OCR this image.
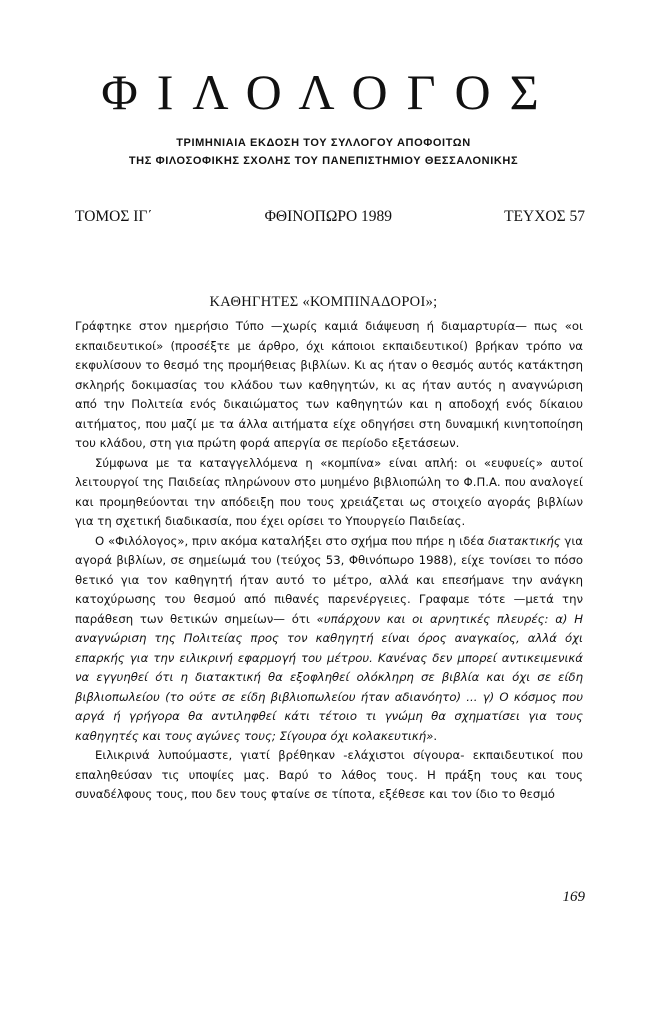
ΦΙΛΟΛΟΓΟΣ
ΤΡΙΜΗΝΙΑΙΑ ΕΚΔΟΣΗ ΤΟΥ ΣΥΛΛΟΓΟΥ ΑΠΟΦΟΙΤΩΝ
ΤΗΣ ΦΙΛΟΣΟΦΙΚΗΣ ΣΧΟΛΗΣ ΤΟΥ ΠΑΝΕΠΙΣΤΗΜΙΟΥ ΘΕΣΣΑΛΟΝΙΚΗΣ
ΤΟΜΟΣ ΙΓ΄	ΦΘΙΝΟΠΩΡΟ 1989	ΤΕΥΧΟΣ 57
ΚΑΘΗΓΗΤΕΣ «ΚΟΜΠΙΝΑΔΟΡΟΙ»;

Γράφτηκε στον ημερήσιο Τύπο —χωρίς καμιά διάψευση ή διαμαρτυρία— πως «οι εκπαιδευτικοί» (προσέξτε με άρθρο, όχι κάποιοι εκπαιδευτικοί) βρήκαν τρόπο να εκφυλίσουν το θεσμό της προμήθειας βιβλίων. Κι ας ήταν ο θεσμός αυτός κατάκτηση σκληρής δοκιμασίας του κλάδου των καθηγητών, κι ας ήταν αυτός η αναγνώριση από την Πολιτεία ενός δικαιώματος των καθηγητών και η αποδοχή ενός δίκαιου αιτήματος, που μαζί με τα άλλα αιτήματα είχε οδηγήσει στη δυναμική κινητοποίηση του κλάδου, στη για πρώτη φορά απεργία σε περίοδο εξετάσεων.

Σύμφωνα με τα καταγγελλόμενα η «κομπίνα» είναι απλή: οι «ευφυείς» αυτοί λειτουργοί της Παιδείας πληρώνουν στο μυημένο βιβλιοπώλη το Φ.Π.Α. που αναλογεί και προμηθεύονται την απόδειξη που τους χρειάζεται ως στοιχείο αγοράς βιβλίων για τη σχετική διαδικασία, που έχει ορίσει το Υπουργείο Παιδείας.

Ο «Φιλόλογος», πριν ακόμα καταλήξει στο σχήμα που πήρε η ιδέα διατακτικής για αγορά βιβλίων, σε σημείωμά του (τεύχος 53, Φθινόπωρο 1988), είχε τονίσει το πόσο θετικό για τον καθηγητή ήταν αυτό το μέτρο, αλλά και επεσήμανε την ανάγκη κατοχύρωσης του θεσμού από πιθανές παρενέργειες. Γραφαμε τότε —μετά την παράθεση των θετικών σημείων— ότι «υπάρχουν και οι αρνητικές πλευρές: α) Η αναγνώριση της Πολιτείας προς τον καθηγητή είναι όρος αναγκαίος, αλλά όχι επαρκής για την ειλικρινή εφαρμογή του μέτρου. Κανένας δεν μπορεί αντικειμενικά να εγγυηθεί ότι η διατακτική θα εξοφληθεί ολόκληρη σε βιβλία και όχι σε είδη βιβλιοπωλείου (το ούτε σε είδη βιβλιοπωλείου ήταν αδιανόητο) ... γ) Ο κόσμος που αργά ή γρήγορα θα αντιληφθεί κάτι τέτοιο τι γνώμη θα σχηματίσει για τους καθηγητές και τους αγώνες τους; Σίγουρα όχι κολακευτική».

Ειλικρινά λυπούμαστε, γιατί βρέθηκαν -ελάχιστοι σίγουρα- εκπαιδευτικοί που επαληθεύσαν τις υποψίες μας. Βαρύ το λάθος τους. Η πράξη τους και τους συναδέλφους τους, που δεν τους φταίνε σε τίποτα, εξέθεσε και τον ίδιο το θεσμό

169
